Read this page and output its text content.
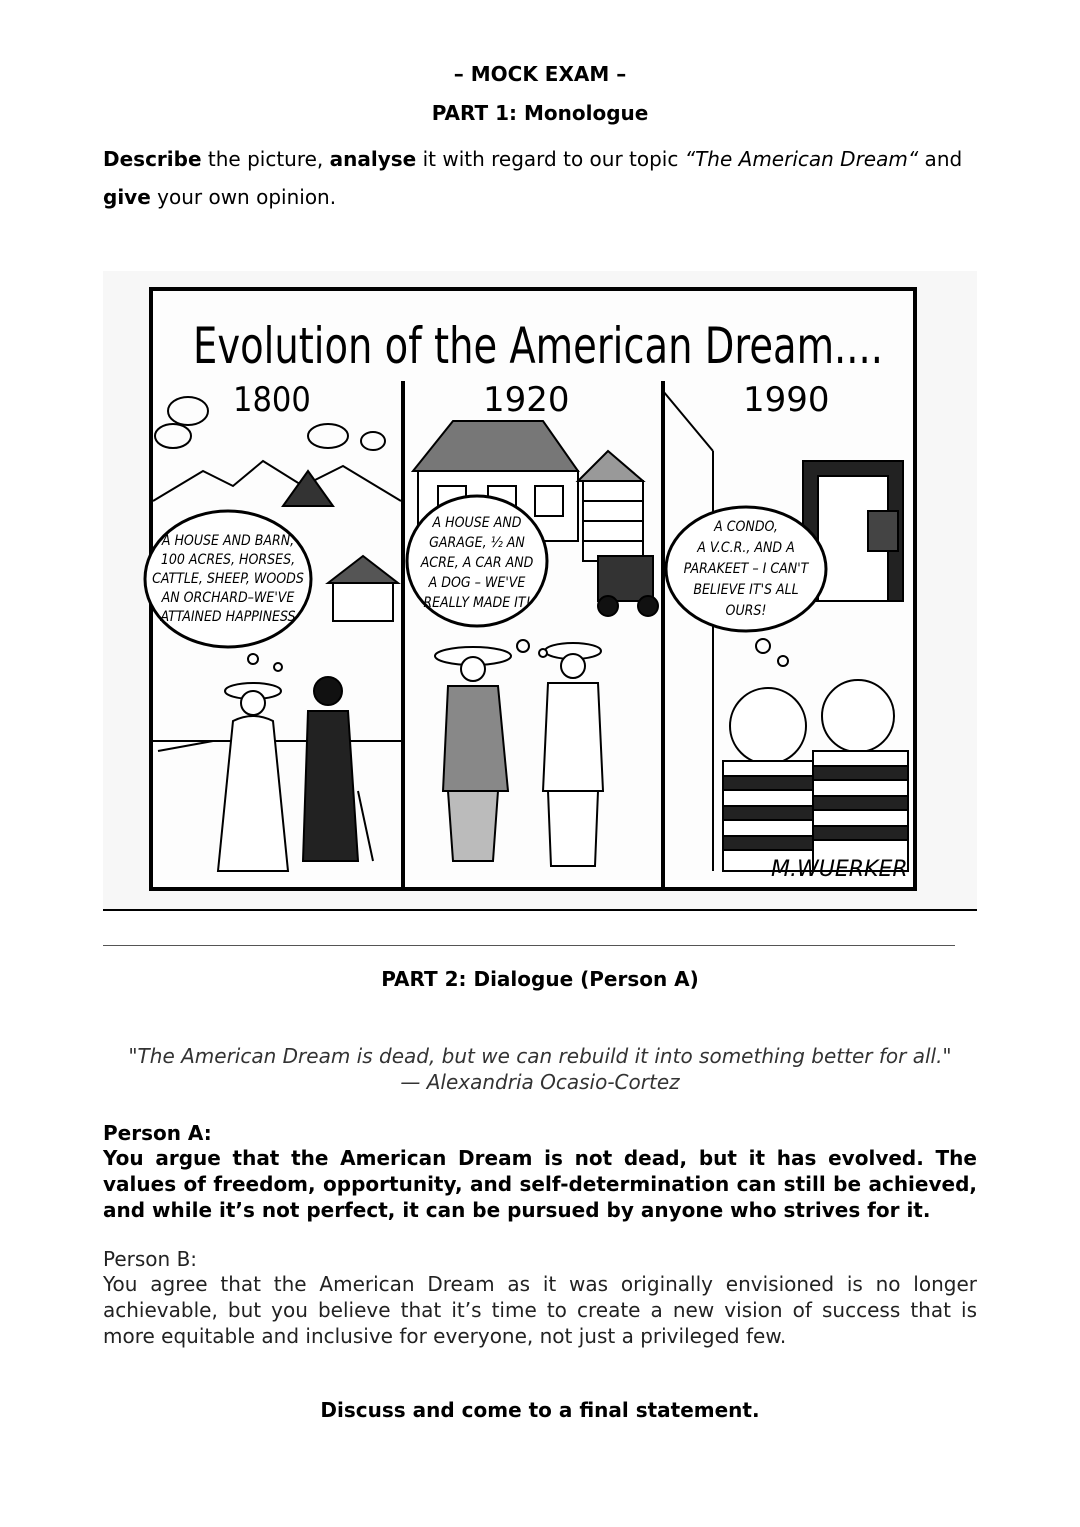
– MOCK EXAM –
PART 1: Monologue
Describe the picture, analyse it with regard to our topic “The American Dream“ and give your own opinion.
Evolution of the American Dream....
1800	1920	1990
A HOUSE AND BARN,
100 ACRES, HORSES,
CATTLE, SHEEP, WOODS
AN ORCHARD–WE'VE
ATTAINED HAPPINESS
A HOUSE AND
GARAGE, ½ AN
ACRE, A CAR AND
A DOG – WE'VE
REALLY MADE IT!
A CONDO,
A V.C.R., AND A
PARAKEET – I CAN'T
BELIEVE IT'S ALL
OURS!
M.WUERKER
PART 2: Dialogue (Person A)
"The American Dream is dead, but we can rebuild it into something better for all."
— Alexandria Ocasio-Cortez
Person A:
You argue that the American Dream is not dead, but it has evolved. The values of freedom, opportunity, and self-determination can still be achieved, and while it’s not perfect, it can be pursued by anyone who strives for it.
Person B:
You agree that the American Dream as it was originally envisioned is no longer achievable, but you believe that it’s time to create a new vision of success that is more equitable and inclusive for everyone, not just a privileged few.
Discuss and come to a final statement.
